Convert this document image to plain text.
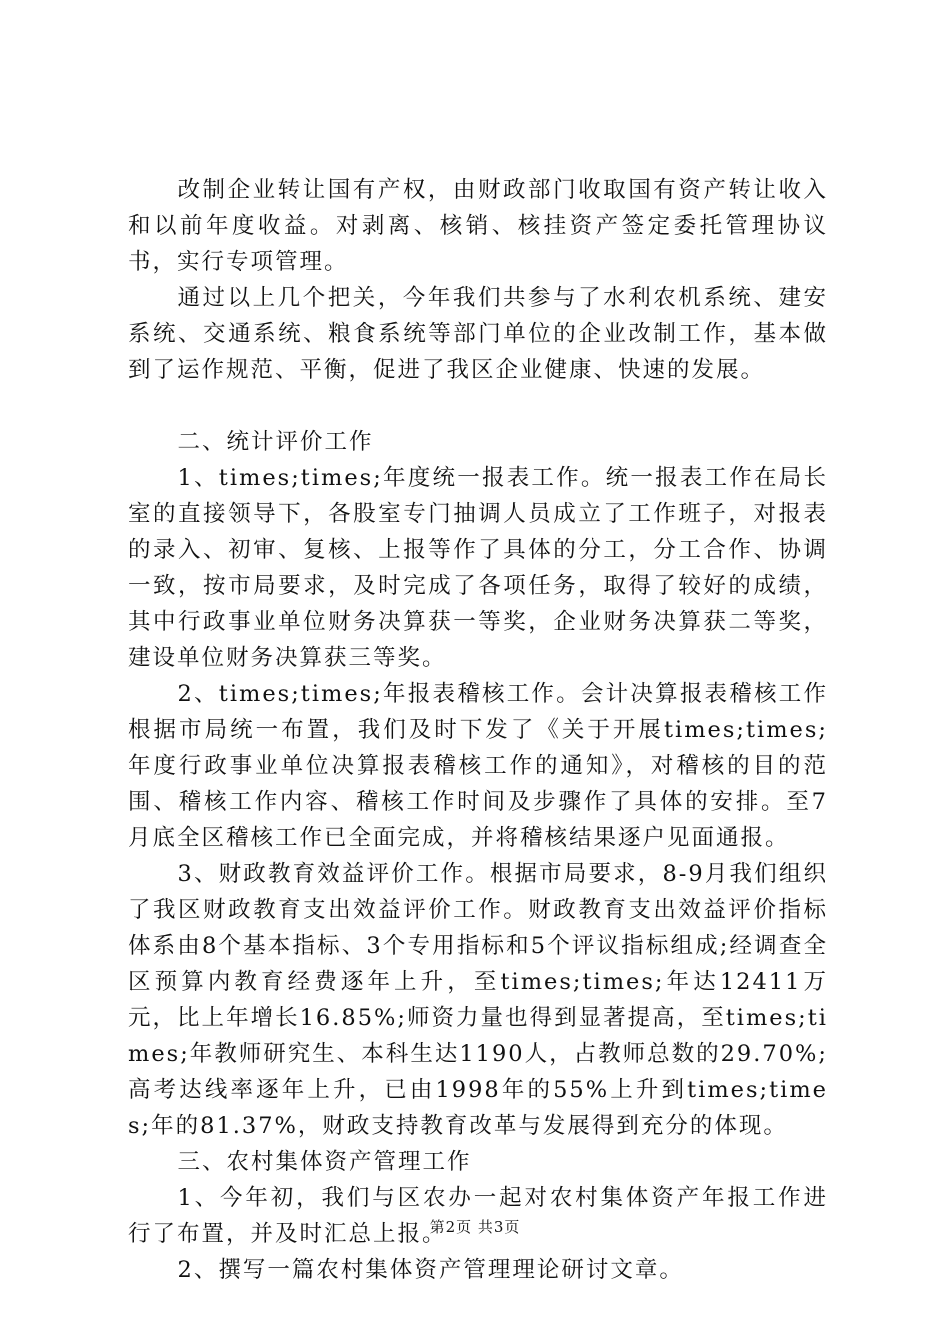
改制企业转让国有产权，由财政部门收取国有资产转让收入和以前年度收益。对剥离、核销、核挂资产签定委托管理协议书，实行专项管理。

通过以上几个把关，今年我们共参与了水利农机系统、建安系统、交通系统、粮食系统等部门单位的企业改制工作，基本做到了运作规范、平衡，促进了我区企业健康、快速的发展。

二、统计评价工作

1、times;times;年度统一报表工作。统一报表工作在局长室的直接领导下，各股室专门抽调人员成立了工作班子，对报表的录入、初审、复核、上报等作了具体的分工，分工合作、协调一致，按市局要求，及时完成了各项任务，取得了较好的成绩，其中行政事业单位财务决算获一等奖，企业财务决算获二等奖，建设单位财务决算获三等奖。

2、times;times;年报表稽核工作。会计决算报表稽核工作根据市局统一布置，我们及时下发了《关于开展times;times;年度行政事业单位决算报表稽核工作的通知》，对稽核的目的范围、稽核工作内容、稽核工作时间及步骤作了具体的安排。至7月底全区稽核工作已全面完成，并将稽核结果逐户见面通报。

3、财政教育效益评价工作。根据市局要求，8-9月我们组织了我区财政教育支出效益评价工作。财政教育支出效益评价指标体系由8个基本指标、3个专用指标和5个评议指标组成;经调查全区预算内教育经费逐年上升，至times;times;年达12411万元，比上年增长16.85%;师资力量也得到显著提高，至times;times;年教师研究生、本科生达1190人，占教师总数的29.70%;高考达线率逐年上升，已由1998年的55%上升到times;times;年的81.37%，财政支持教育改革与发展得到充分的体现。

三、农村集体资产管理工作

1、今年初，我们与区农办一起对农村集体资产年报工作进行了布置，并及时汇总上报。

2、撰写一篇农村集体资产管理理论研讨文章。

第2页 共3页
